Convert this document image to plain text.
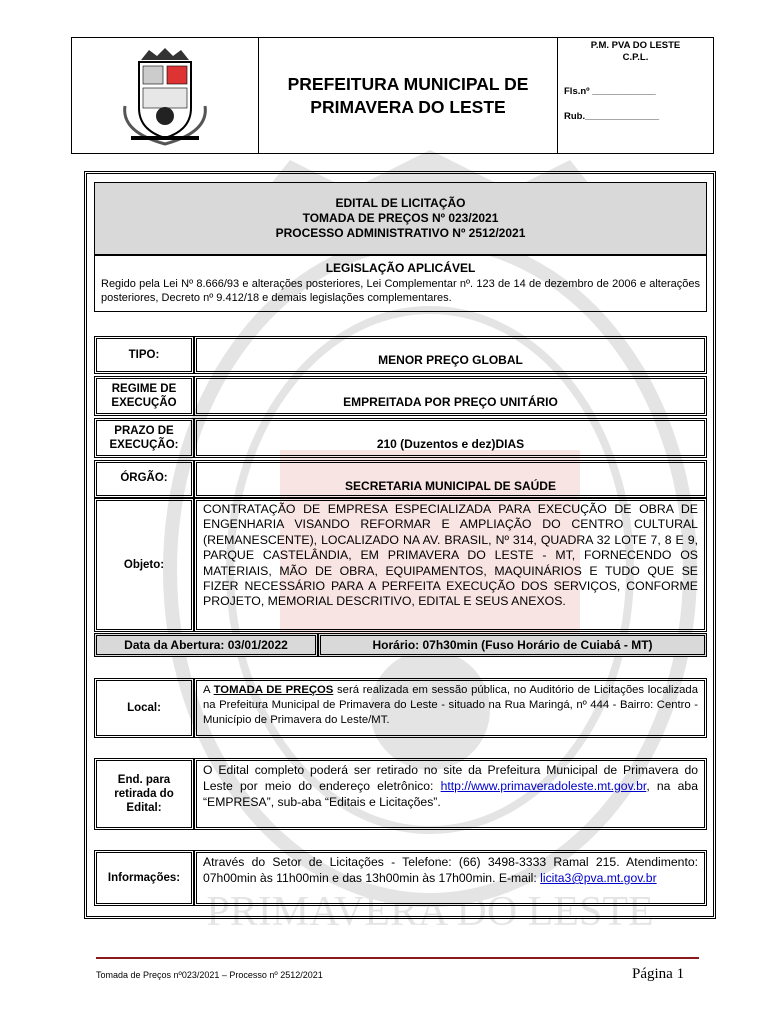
PRIMAVERA DO LESTE
PREFEITURA MUNICIPAL DE
PRIMAVERA DO LESTE
P.M. PVA DO LESTE
C.P.L.
Fls.nº ____________
Rub.______________
EDITAL DE LICITAÇÃO
TOMADA DE PREÇOS Nº 023/2021
PROCESSO ADMINISTRATIVO Nº 2512/2021
LEGISLAÇÃO APLICÁVEL
Regido pela Lei Nº 8.666/93 e alterações posteriores, Lei Complementar nº. 123 de 14 de dezembro de 2006 e alterações posteriores, Decreto nº 9.412/18 e demais legislações complementares.
TIPO:	MENOR PREÇO GLOBAL
REGIME DE EXECUÇÃO	EMPREITADA POR PREÇO UNITÁRIO
PRAZO DE EXECUÇÃO:	210 (Duzentos e dez)DIAS
ÓRGÃO:
SECRETARIA MUNICIPAL DE SAÚDE
Objeto:
CONTRATAÇÃO DE EMPRESA ESPECIALIZADA PARA EXECUÇÃO DE OBRA DE ENGENHARIA VISANDO REFORMAR E AMPLIAÇÃO DO CENTRO CULTURAL (REMANESCENTE), LOCALIZADO NA AV. BRASIL, Nº 314, QUADRA 32 LOTE 7, 8 E 9, PARQUE CASTELÂNDIA, EM PRIMAVERA DO LESTE - MT, FORNECENDO OS MATERIAIS, MÃO DE OBRA, EQUIPAMENTOS, MAQUINÁRIOS E TUDO QUE SE FIZER NECESSÁRIO PARA A PERFEITA EXECUÇÃO DOS SERVIÇOS, CONFORME PROJETO, MEMORIAL DESCRITIVO, EDITAL E SEUS ANEXOS.
Data da Abertura: 03/01/2022	Horário: 07h30min (Fuso Horário de Cuiabá - MT)
Local:
A TOMADA DE PREÇOS será realizada em sessão pública, no Auditório de Licitações localizada na Prefeitura Municipal de Primavera do Leste - situado na Rua Maringá, nº 444 - Bairro: Centro - Município de Primavera do Leste/MT.
End. para retirada do Edital:
O Edital completo poderá ser retirado no site da Prefeitura Municipal de Primavera do Leste por meio do endereço eletrônico: http://www.primaveradoleste.mt.gov.br, na aba “EMPRESA”, sub-aba “Editais e Licitações”.
Informações:
Através do Setor de Licitações - Telefone: (66) 3498-3333 Ramal 215. Atendimento: 07h00min às 11h00min e das 13h00min às 17h00min. E-mail: licita3@pva.mt.gov.br
Tomada de Preços nº023/2021 – Processo nº 2512/2021	Página 1
